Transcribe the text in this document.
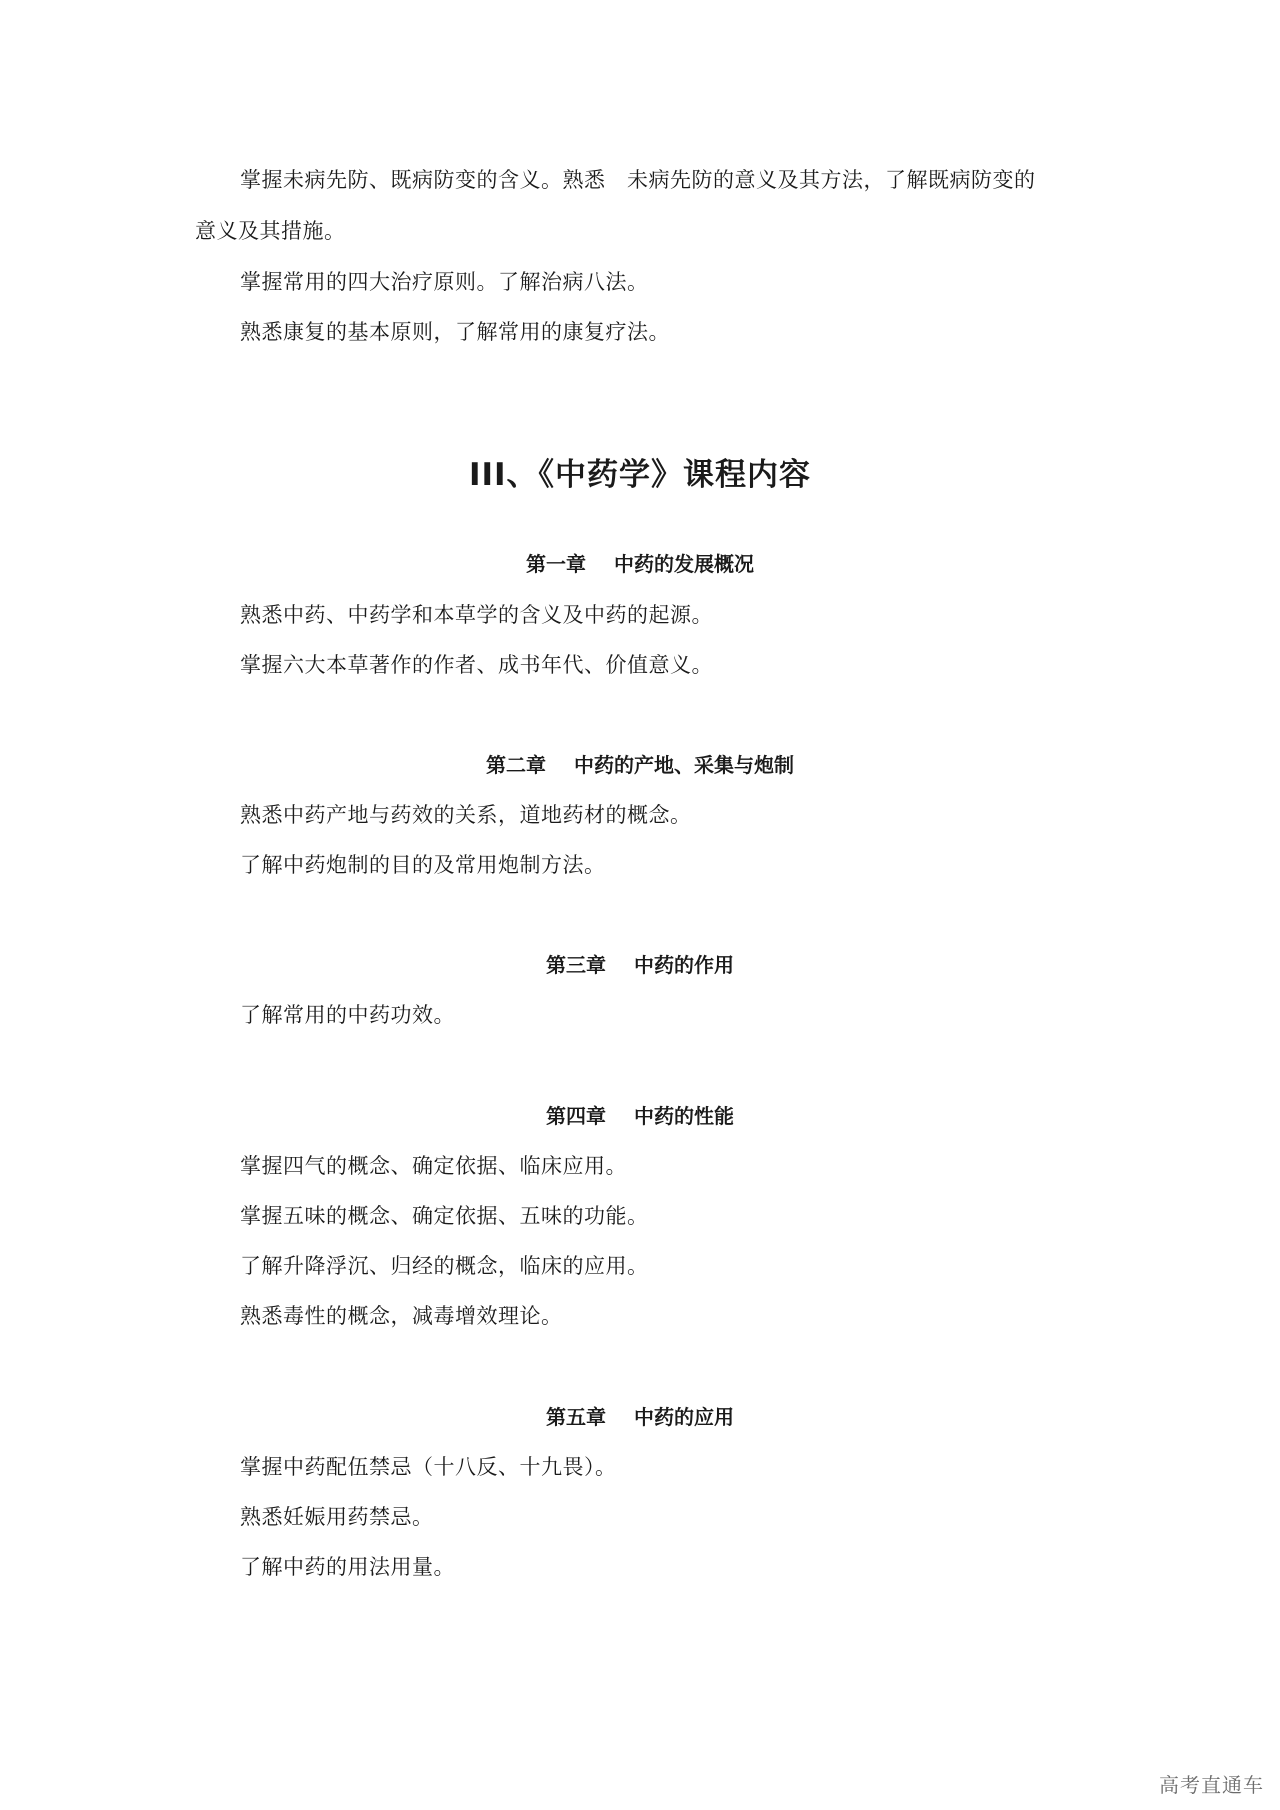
掌握未病先防、既病防变的含义。熟悉　未病先防的意义及其方法，了解既病防变的
意义及其措施。
掌握常用的四大治疗原则。了解治病八法。
熟悉康复的基本原则，了解常用的康复疗法。
III、《中药学》课程内容
第一章 中药的发展概况
熟悉中药、中药学和本草学的含义及中药的起源。
掌握六大本草著作的作者、成书年代、价值意义。
第二章 中药的产地、采集与炮制
熟悉中药产地与药效的关系，道地药材的概念。
了解中药炮制的目的及常用炮制方法。
第三章 中药的作用
了解常用的中药功效。
第四章 中药的性能
掌握四气的概念、确定依据、临床应用。
掌握五味的概念、确定依据、五味的功能。
了解升降浮沉、归经的概念，临床的应用。
熟悉毒性的概念，减毒增效理论。
第五章 中药的应用
掌握中药配伍禁忌（十八反、十九畏）。
熟悉妊娠用药禁忌。
了解中药的用法用量。
高考直通车
